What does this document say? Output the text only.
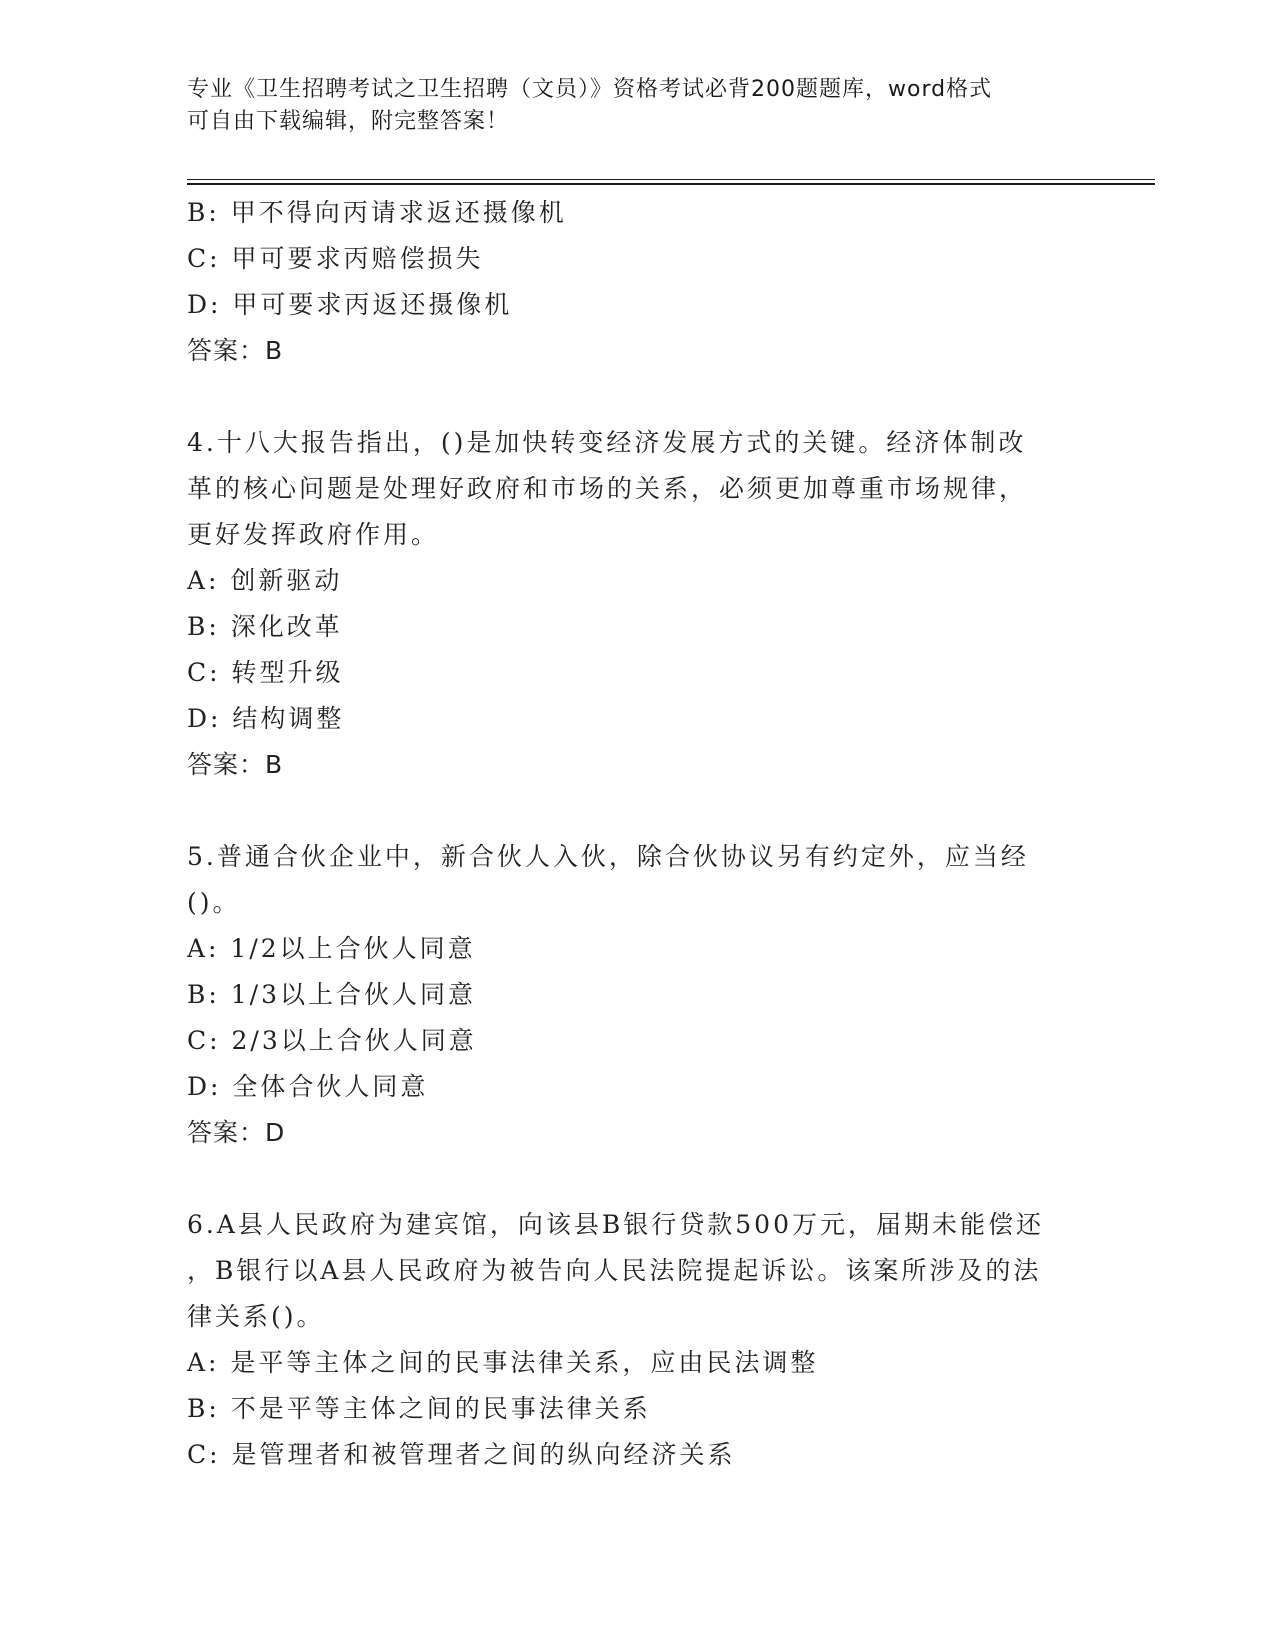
专业《卫生招聘考试之卫生招聘（文员）》资格考试必背200题题库，word格式
可自由下载编辑，附完整答案！
B: 甲不得向丙请求返还摄像机
C: 甲可要求丙赔偿损失
D: 甲可要求丙返还摄像机
答案：B
4.十八大报告指出，()是加快转变经济发展方式的关键。经济体制改
革的核心问题是处理好政府和市场的关系，必须更加尊重市场规律，
更好发挥政府作用。
A: 创新驱动
B: 深化改革
C: 转型升级
D: 结构调整
答案：B
5.普通合伙企业中，新合伙人入伙，除合伙协议另有约定外，应当经
()。
A: 1/2以上合伙人同意
B: 1/3以上合伙人同意
C: 2/3以上合伙人同意
D: 全体合伙人同意
答案：D
6.A县人民政府为建宾馆，向该县B银行贷款500万元，届期未能偿还
，B银行以A县人民政府为被告向人民法院提起诉讼。该案所涉及的法
律关系()。
A: 是平等主体之间的民事法律关系，应由民法调整
B: 不是平等主体之间的民事法律关系
C: 是管理者和被管理者之间的纵向经济关系
